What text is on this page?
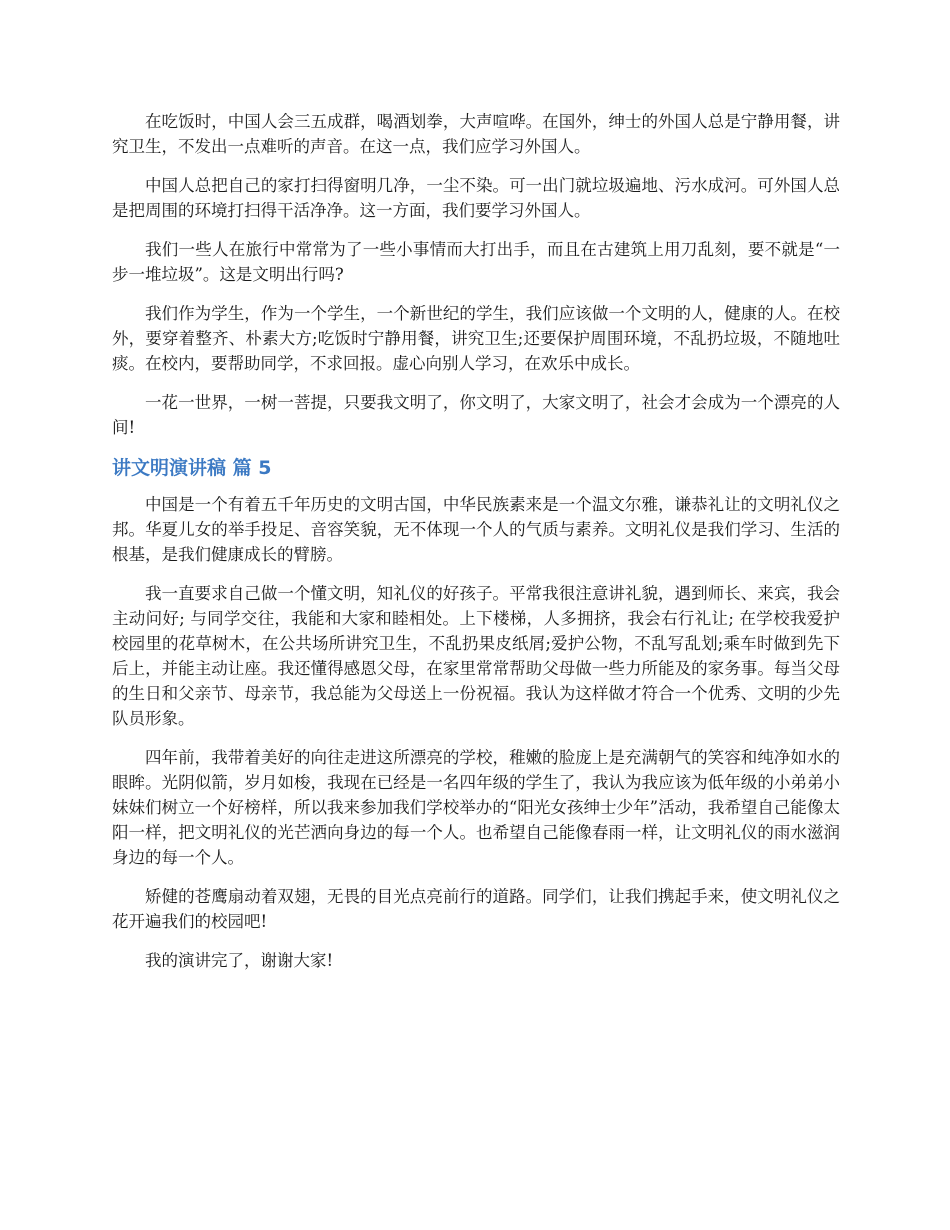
在吃饭时，中国人会三五成群，喝酒划拳，大声喧哗。在国外，绅士的外国人总是宁静用餐，讲究卫生，不发出一点难听的声音。在这一点，我们应学习外国人。

中国人总把自己的家打扫得窗明几净，一尘不染。可一出门就垃圾遍地、污水成河。可外国人总是把周围的环境打扫得干活净净。这一方面，我们要学习外国人。

我们一些人在旅行中常常为了一些小事情而大打出手，而且在古建筑上用刀乱刻，要不就是“一步一堆垃圾”。这是文明出行吗?

我们作为学生，作为一个学生，一个新世纪的学生，我们应该做一个文明的人，健康的人。在校外，要穿着整齐、朴素大方;吃饭时宁静用餐，讲究卫生;还要保护周围环境，不乱扔垃圾，不随地吐痰。在校内，要帮助同学，不求回报。虚心向别人学习，在欢乐中成长。

一花一世界，一树一菩提，只要我文明了，你文明了，大家文明了，社会才会成为一个漂亮的人间!

讲文明演讲稿 篇 5

中国是一个有着五千年历史的文明古国，中华民族素来是一个温文尔雅，谦恭礼让的文明礼仪之邦。华夏儿女的举手投足、音容笑貌，无不体现一个人的气质与素养。文明礼仪是我们学习、生活的根基，是我们健康成长的臂膀。

我一直要求自己做一个懂文明，知礼仪的好孩子。平常我很注意讲礼貌，遇到师长、来宾，我会主动问好; 与同学交往，我能和大家和睦相处。上下楼梯，人多拥挤，我会右行礼让; 在学校我爱护校园里的花草树木，在公共场所讲究卫生，不乱扔果皮纸屑;爱护公物，不乱写乱划;乘车时做到先下后上，并能主动让座。我还懂得感恩父母，在家里常常帮助父母做一些力所能及的家务事。每当父母的生日和父亲节、母亲节，我总能为父母送上一份祝福。我认为这样做才符合一个优秀、文明的少先队员形象。

四年前，我带着美好的向往走进这所漂亮的学校，稚嫩的脸庞上是充满朝气的笑容和纯净如水的眼眸。光阴似箭，岁月如梭，我现在已经是一名四年级的学生了，我认为我应该为低年级的小弟弟小妹妹们树立一个好榜样，所以我来参加我们学校举办的“阳光女孩绅士少年”活动，我希望自己能像太阳一样，把文明礼仪的光芒洒向身边的每一个人。也希望自己能像春雨一样，让文明礼仪的雨水滋润身边的每一个人。

矫健的苍鹰扇动着双翅，无畏的目光点亮前行的道路。同学们，让我们携起手来，使文明礼仪之花开遍我们的校园吧!

我的演讲完了，谢谢大家!
